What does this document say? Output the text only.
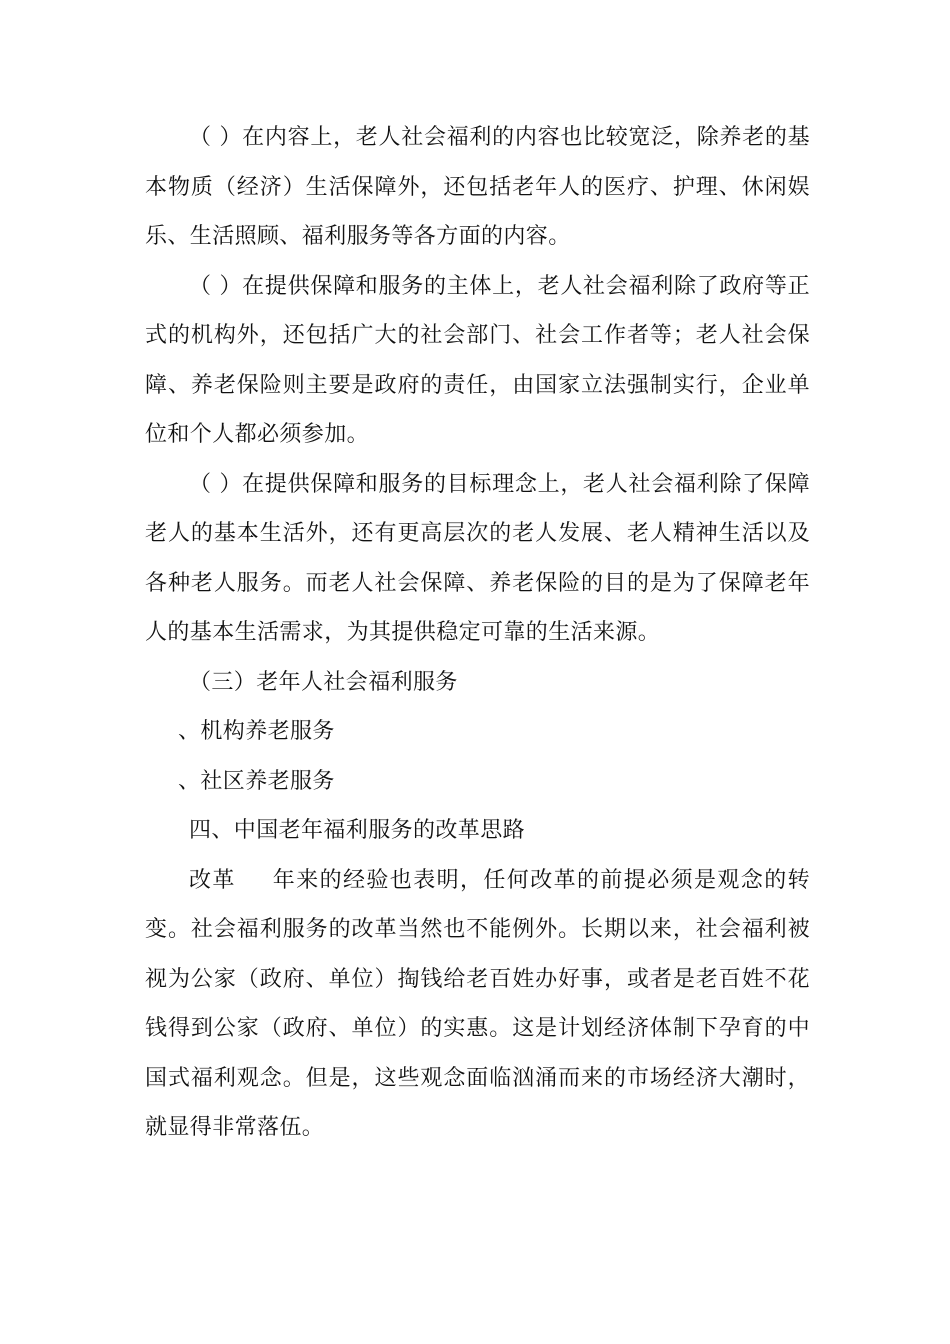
（ ）在内容上，老人社会福利的内容也比较宽泛，除养老的基本物质（经济）生活保障外，还包括老年人的医疗、护理、休闲娱乐、生活照顾、福利服务等各方面的内容。

（ ）在提供保障和服务的主体上，老人社会福利除了政府等正式的机构外，还包括广大的社会部门、社会工作者等；老人社会保障、养老保险则主要是政府的责任，由国家立法强制实行，企业单位和个人都必须参加。

（ ）在提供保障和服务的目标理念上，老人社会福利除了保障老人的基本生活外，还有更高层次的老人发展、老人精神生活以及各种老人服务。而老人社会保障、养老保险的目的是为了保障老年人的基本生活需求，为其提供稳定可靠的生活来源。

（三）老年人社会福利服务

、机构养老服务

、社区养老服务

四、中国老年福利服务的改革思路

改革 年来的经验也表明，任何改革的前提必须是观念的转变。社会福利服务的改革当然也不能例外。长期以来，社会福利被视为公家（政府、单位）掏钱给老百姓办好事，或者是老百姓不花钱得到公家（政府、单位）的实惠。这是计划经济体制下孕育的中国式福利观念。但是，这些观念面临汹涌而来的市场经济大潮时，就显得非常落伍。
